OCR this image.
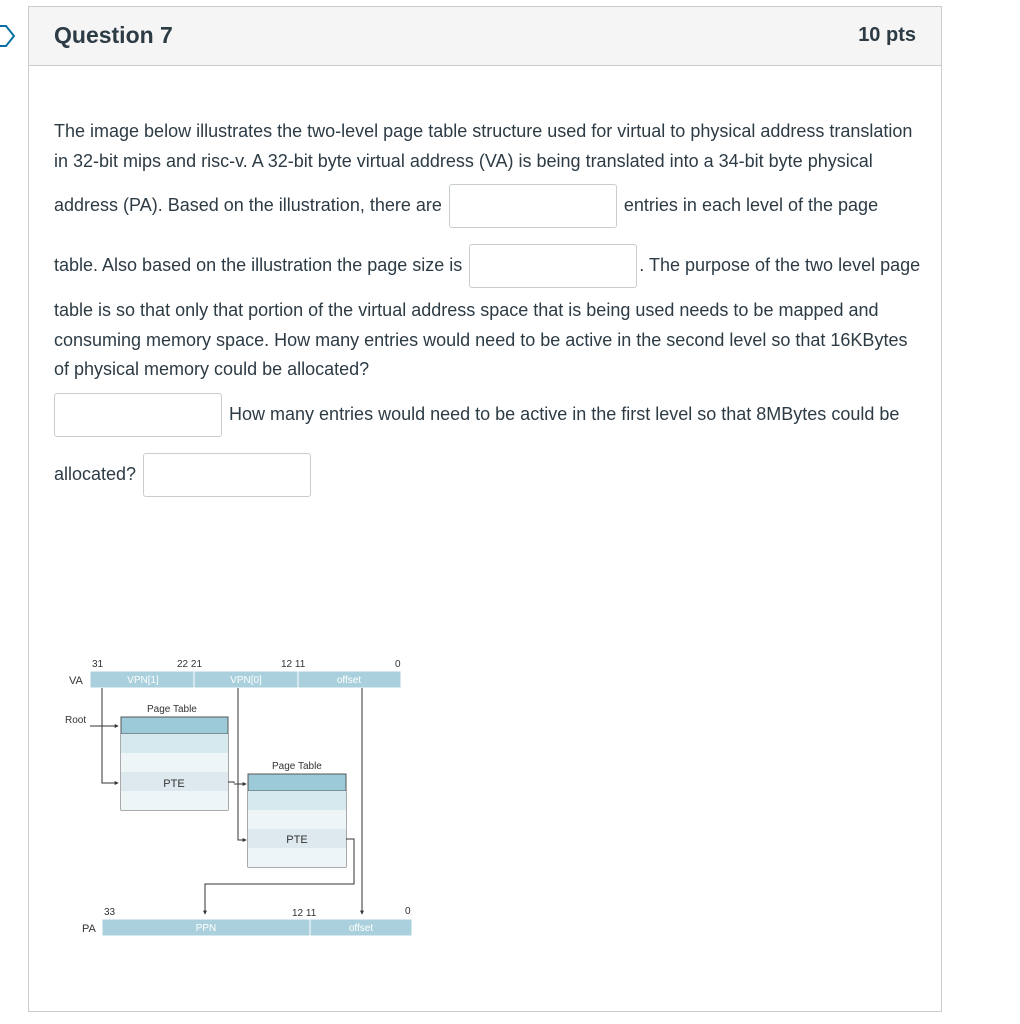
Question 7	10 pts
The image below illustrates the two-level page table structure used for virtual to physical address translation in 32-bit mips and risc-v. A 32-bit byte virtual address (VA) is being translated into a 34-bit byte physical address (PA). Based on the illustration, there are	entries in each level of the page table. Also based on the illustration the page size is	. The purpose of the two level page table is so that only that portion of the virtual address space that is being used needs to be mapped and consuming memory space. How many entries would need to be active in the second level so that 16KBytes of physical memory could be allocated?
How many entries would need to be active in the first level so that 8MBytes could be allocated?
VA
31	22 21	12 11	0
VPN[1]	VPN[0]	offset
Root
Page Table
PTE
Page Table
PTE
PA
33	12 11	0
PPN	offset
